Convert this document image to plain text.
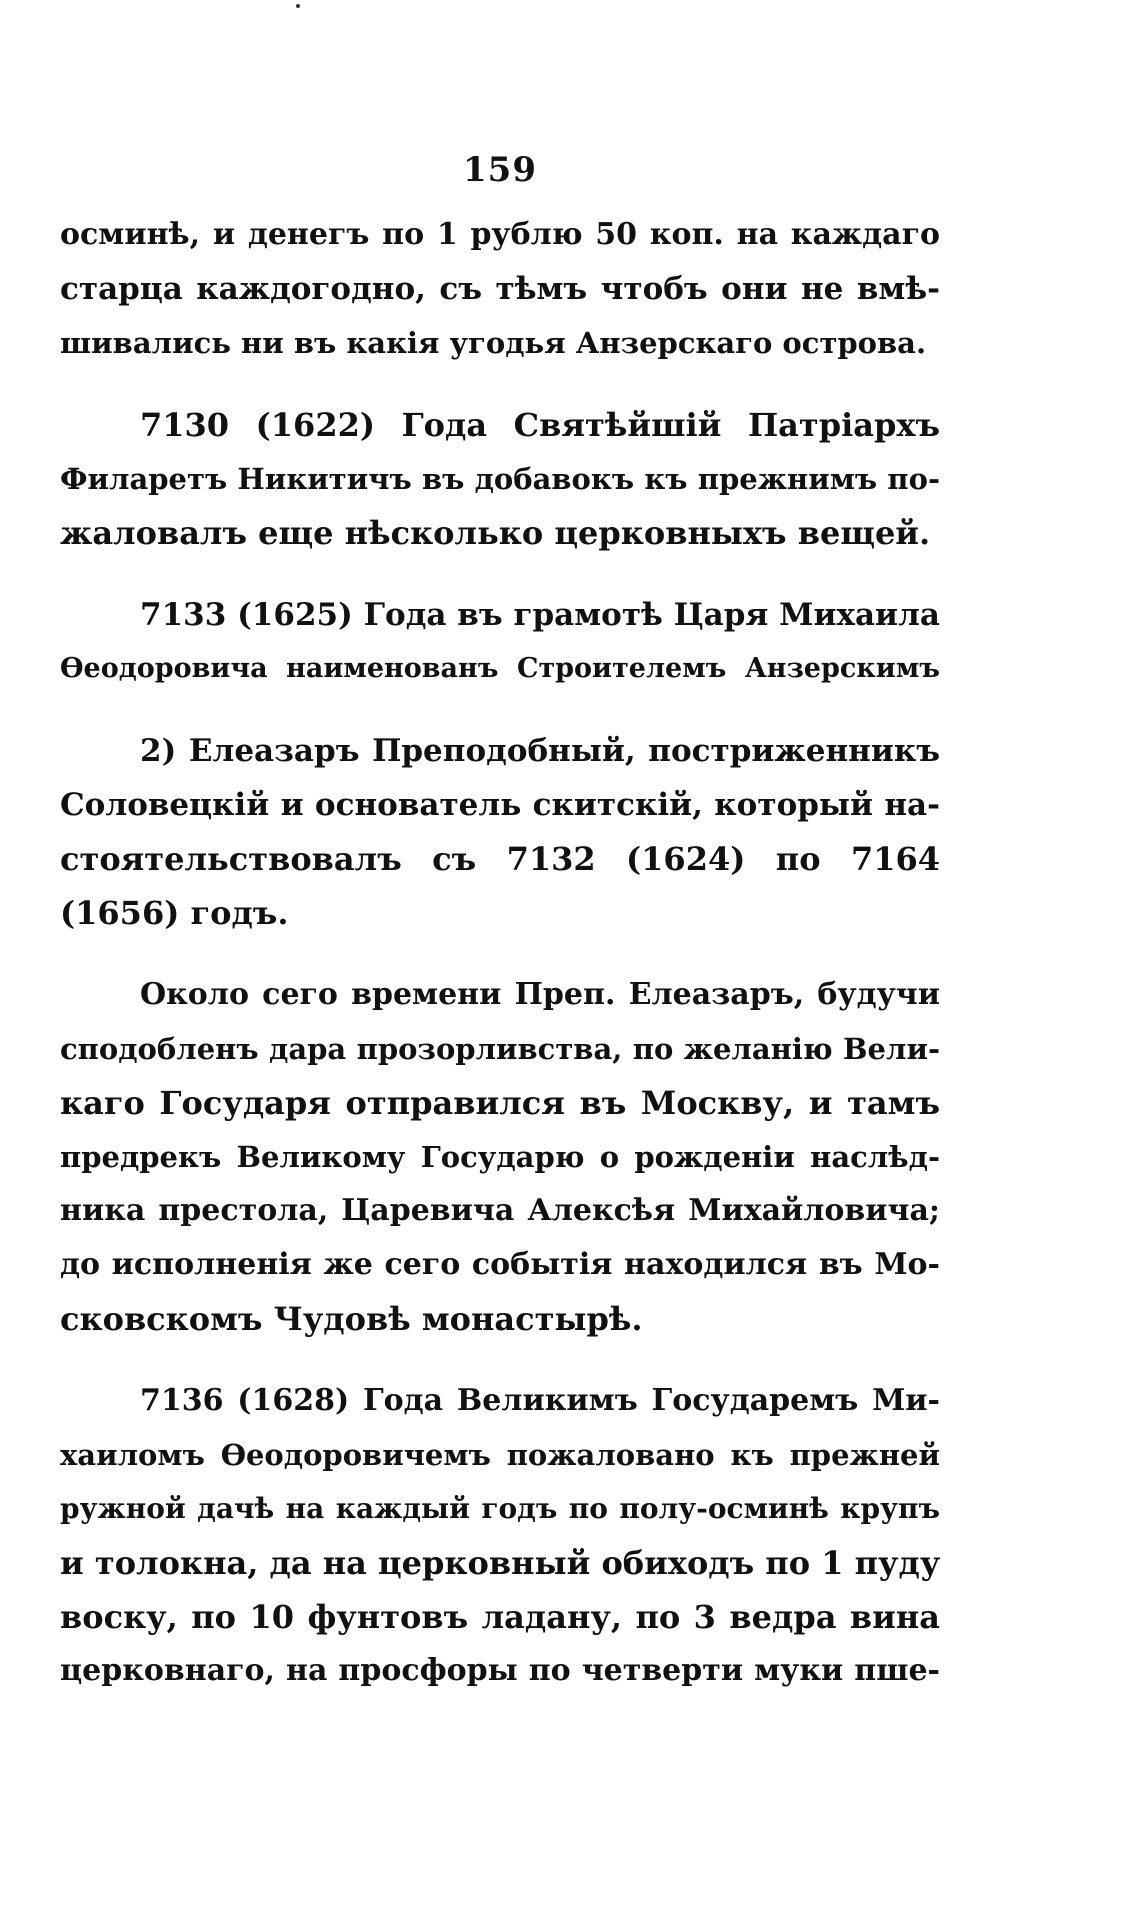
159

осминѣ, и денегъ по 1 рублю 50 коп. на каждаго
старца каждогодно, съ тѣмъ чтобъ они не вмѣ-
шивались ни въ какія угодья Анзерскаго острова.

7130 (1622) Года Святѣйшій Патріархъ
Филаретъ Никитичъ въ добавокъ къ прежнимъ по-
жаловалъ еще нѣсколько церковныхъ вещей.

7133 (1625) Года въ грамотѣ Царя Михаила
Ѳеодоровича наименованъ Строителемъ Анзерскимъ

2) Елеазаръ Преподобный, постриженникъ
Соловецкій и основатель скитскій, который на-
стоятельствовалъ съ 7132 (1624) по 7164
(1656) годъ.

Около сего времени Преп. Елеазаръ, будучи
сподобленъ дара прозорливства, по желанію Вели-
каго Государя отправился въ Москву, и тамъ
предрекъ Великому Государю о рожденіи наслѣд-
ника престола, Царевича Алексѣя Михайловича;
до исполненія же сего событія находился въ Мо-
сковскомъ Чудовѣ монастырѣ.

7136 (1628) Года Великимъ Государемъ Ми-
хаиломъ Ѳеодоровичемъ пожаловано къ прежней
ружной дачѣ на каждый годъ по полу-осминѣ крупъ
и толокна, да на церковный обиходъ по 1 пуду
воску, по 10 фунтовъ ладану, по 3 ведра вина
церковнаго, на просфоры по четверти муки пше-
